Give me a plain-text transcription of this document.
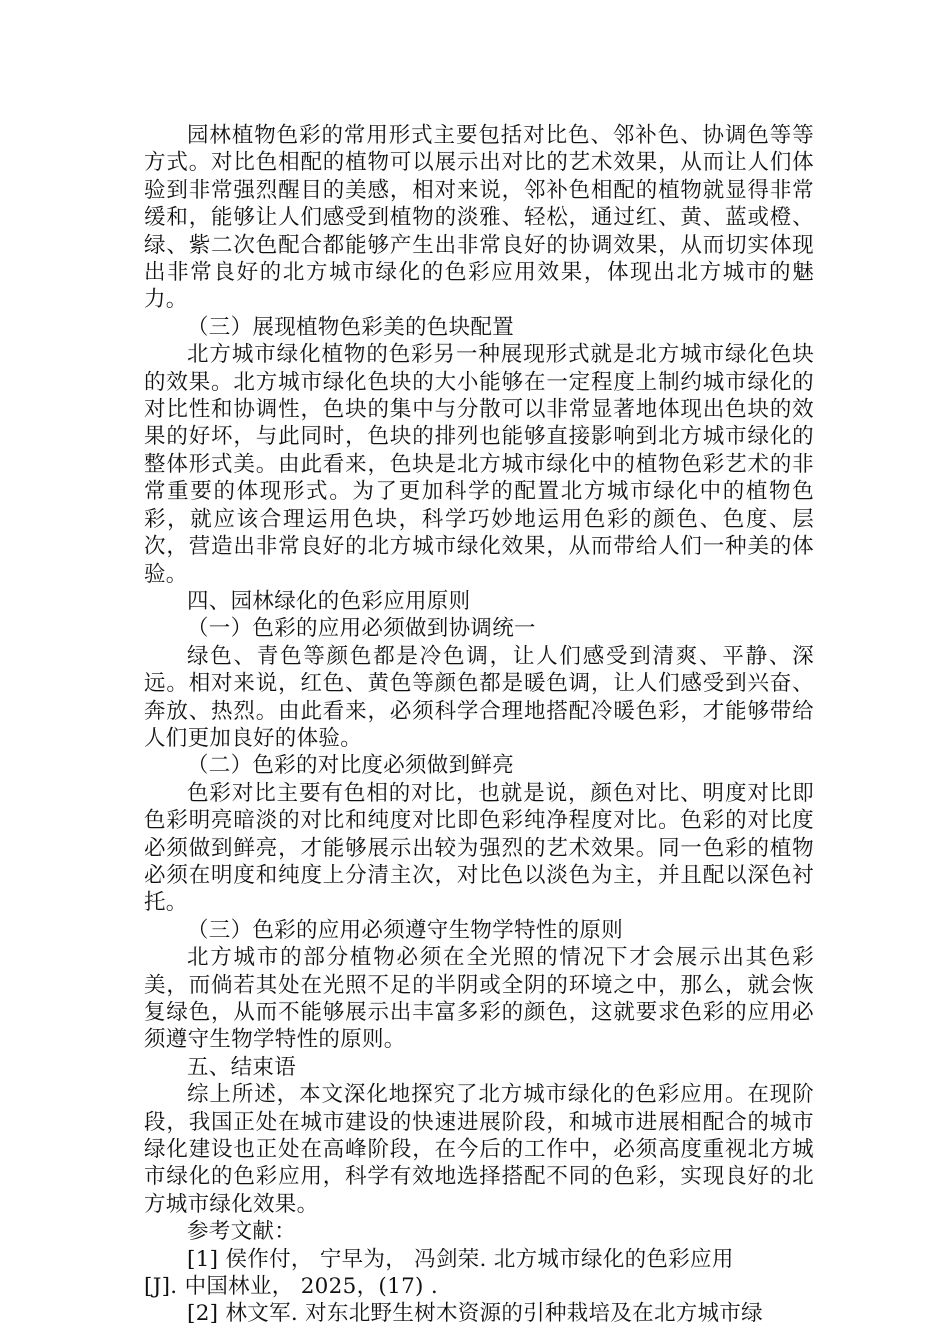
园林植物色彩的常用形式主要包括对比色、邻补色、协调色等等方式。对比色相配的植物可以展示出对比的艺术效果，从而让人们体验到非常强烈醒目的美感，相对来说，邻补色相配的植物就显得非常缓和，能够让人们感受到植物的淡雅、轻松，通过红、黄、蓝或橙、绿、紫二次色配合都能够产生出非常良好的协调效果，从而切实体现出非常良好的北方城市绿化的色彩应用效果，体现出北方城市的魅力。

（三）展现植物色彩美的色块配置

北方城市绿化植物的色彩另一种展现形式就是北方城市绿化色块的效果。北方城市绿化色块的大小能够在一定程度上制约城市绿化的对比性和协调性，色块的集中与分散可以非常显著地体现出色块的效果的好坏，与此同时，色块的排列也能够直接影响到北方城市绿化的整体形式美。由此看来，色块是北方城市绿化中的植物色彩艺术的非常重要的体现形式。为了更加科学的配置北方城市绿化中的植物色彩，就应该合理运用色块，科学巧妙地运用色彩的颜色、色度、层次，营造出非常良好的北方城市绿化效果，从而带给人们一种美的体验。

四、园林绿化的色彩应用原则

（一）色彩的应用必须做到协调统一

绿色、青色等颜色都是冷色调，让人们感受到清爽、平静、深远。相对来说，红色、黄色等颜色都是暖色调，让人们感受到兴奋、奔放、热烈。由此看来，必须科学合理地搭配冷暖色彩，才能够带给人们更加良好的体验。

（二）色彩的对比度必须做到鲜亮

色彩对比主要有色相的对比，也就是说，颜色对比、明度对比即色彩明亮暗淡的对比和纯度对比即色彩纯净程度对比。色彩的对比度必须做到鲜亮，才能够展示出较为强烈的艺术效果。同一色彩的植物必须在明度和纯度上分清主次，对比色以淡色为主，并且配以深色衬托。

（三）色彩的应用必须遵守生物学特性的原则

北方城市的部分植物必须在全光照的情况下才会展示出其色彩美，而倘若其处在光照不足的半阴或全阴的环境之中，那么，就会恢复绿色，从而不能够展示出丰富多彩的颜色，这就要求色彩的应用必须遵守生物学特性的原则。

五、结束语

综上所述，本文深化地探究了北方城市绿化的色彩应用。在现阶段，我国正处在城市建设的快速进展阶段，和城市进展相配合的城市绿化建设也正处在高峰阶段，在今后的工作中，必须高度重视北方城市绿化的色彩应用，科学有效地选择搭配不同的色彩，实现良好的北方城市绿化效果。

参考文献：

[1] 侯作付， 宁早为， 冯剑荣. 北方城市绿化的色彩应用

[J]. 中国林业， 2025，(17) .

[2] 林文军. 对东北野生树木资源的引种栽培及在北方城市绿
